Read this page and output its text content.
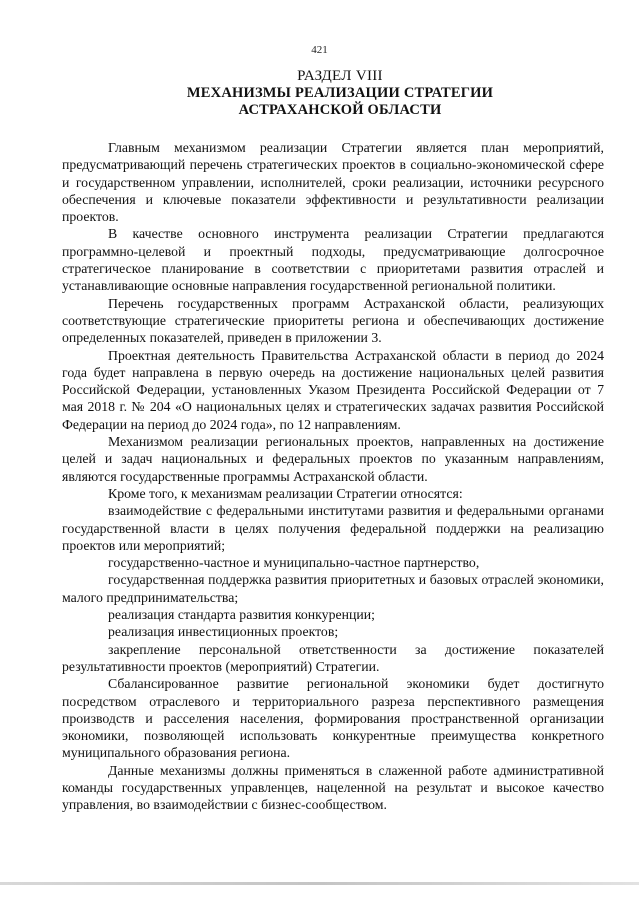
421
РАЗДЕЛ VIII
МЕХАНИЗМЫ РЕАЛИЗАЦИИ СТРАТЕГИИ
АСТРАХАНСКОЙ ОБЛАСТИ

Главным механизмом реализации Стратегии является план мероприятий, предусматривающий перечень стратегических проектов в социально-экономической сфере и государственном управлении, исполнителей, сроки реализации, источники ресурсного обеспечения и ключевые показатели эффективности и результативности реализации проектов.

В качестве основного инструмента реализации Стратегии предлагаются программно-целевой и проектный подходы, предусматривающие долгосрочное стратегическое планирование в соответствии с приоритетами развития отраслей и устанавливающие основные направления государственной региональной политики.

Перечень государственных программ Астраханской области, реализующих соответствующие стратегические приоритеты региона и обеспечивающих достижение определенных показателей, приведен в приложении 3.

Проектная деятельность Правительства Астраханской области в период до 2024 года будет направлена в первую очередь на достижение национальных целей развития Российской Федерации, установленных Указом Президента Российской Федерации от 7 мая 2018 г. № 204 «О национальных целях и стратегических задачах развития Российской Федерации на период до 2024 года», по 12 направлениям.

Механизмом реализации региональных проектов, направленных на достижение целей и задач национальных и федеральных проектов по указанным направлениям, являются государственные программы Астраханской области.

Кроме того, к механизмам реализации Стратегии относятся:

взаимодействие с федеральными институтами развития и федеральными органами государственной власти в целях получения федеральной поддержки на реализацию проектов или мероприятий;

государственно-частное и муниципально-частное партнерство,

государственная поддержка развития приоритетных и базовых отраслей экономики, малого предпринимательства;

реализация стандарта развития конкуренции;

реализация инвестиционных проектов;

закрепление персональной ответственности за достижение показателей результативности проектов (мероприятий) Стратегии.

Сбалансированное развитие региональной экономики будет достигнуто посредством отраслевого и территориального разреза перспективного размещения производств и расселения населения, формирования пространственной организации экономики, позволяющей использовать конкурентные преимущества конкретного муниципального образования региона.

Данные механизмы должны применяться в слаженной работе административной команды государственных управленцев, нацеленной на результат и высокое качество управления, во взаимодействии с бизнес-сообществом.
